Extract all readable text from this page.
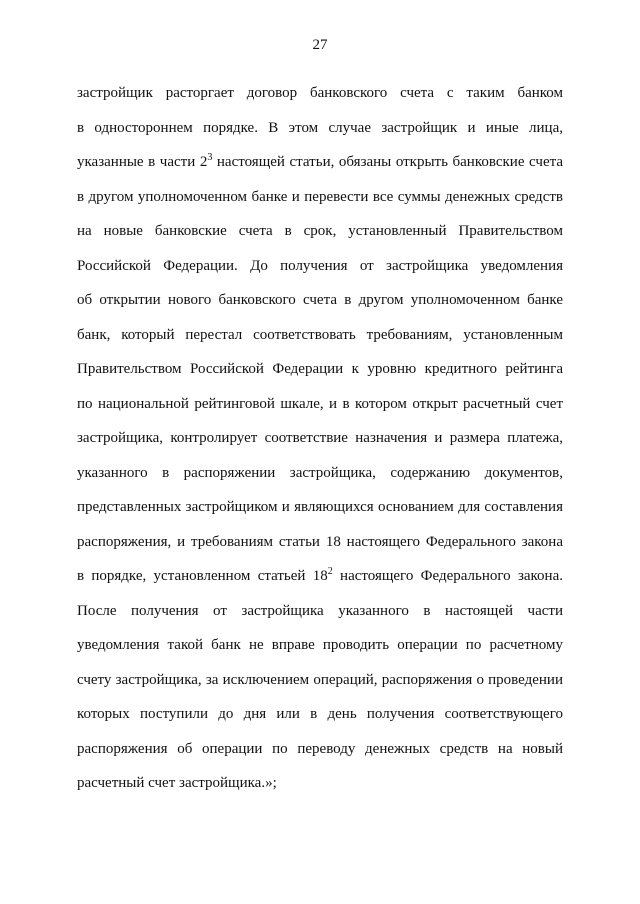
27
застройщик расторгает договор банковского счета с таким банком
в одностороннем порядке. В этом случае застройщик и иные лица,
указанные в части $2^3$ настоящей статьи, обязаны открыть банковские счета
в другом уполномоченном банке и перевести все суммы денежных средств
на новые банковские счета в срок, установленный Правительством
Российской Федерации. До получения от застройщика уведомления
об открытии нового банковского счета в другом уполномоченном банке
банк, который перестал соответствовать требованиям, установленным
Правительством Российской Федерации к уровню кредитного рейтинга
по национальной рейтинговой шкале, и в котором открыт расчетный счет
застройщика, контролирует соответствие назначения и размера платежа,
указанного в распоряжении застройщика, содержанию документов,
представленных застройщиком и являющихся основанием для составления
распоряжения, и требованиям статьи 18 настоящего Федерального закона
в порядке, установленном статьей $18^2$ настоящего Федерального закона.
После получения от застройщика указанного в настоящей части
уведомления такой банк не вправе проводить операции по расчетному
счету застройщика, за исключением операций, распоряжения о проведении
которых поступили до дня или в день получения соответствующего
распоряжения об операции по переводу денежных средств на новый
расчетный счет застройщика.»;
